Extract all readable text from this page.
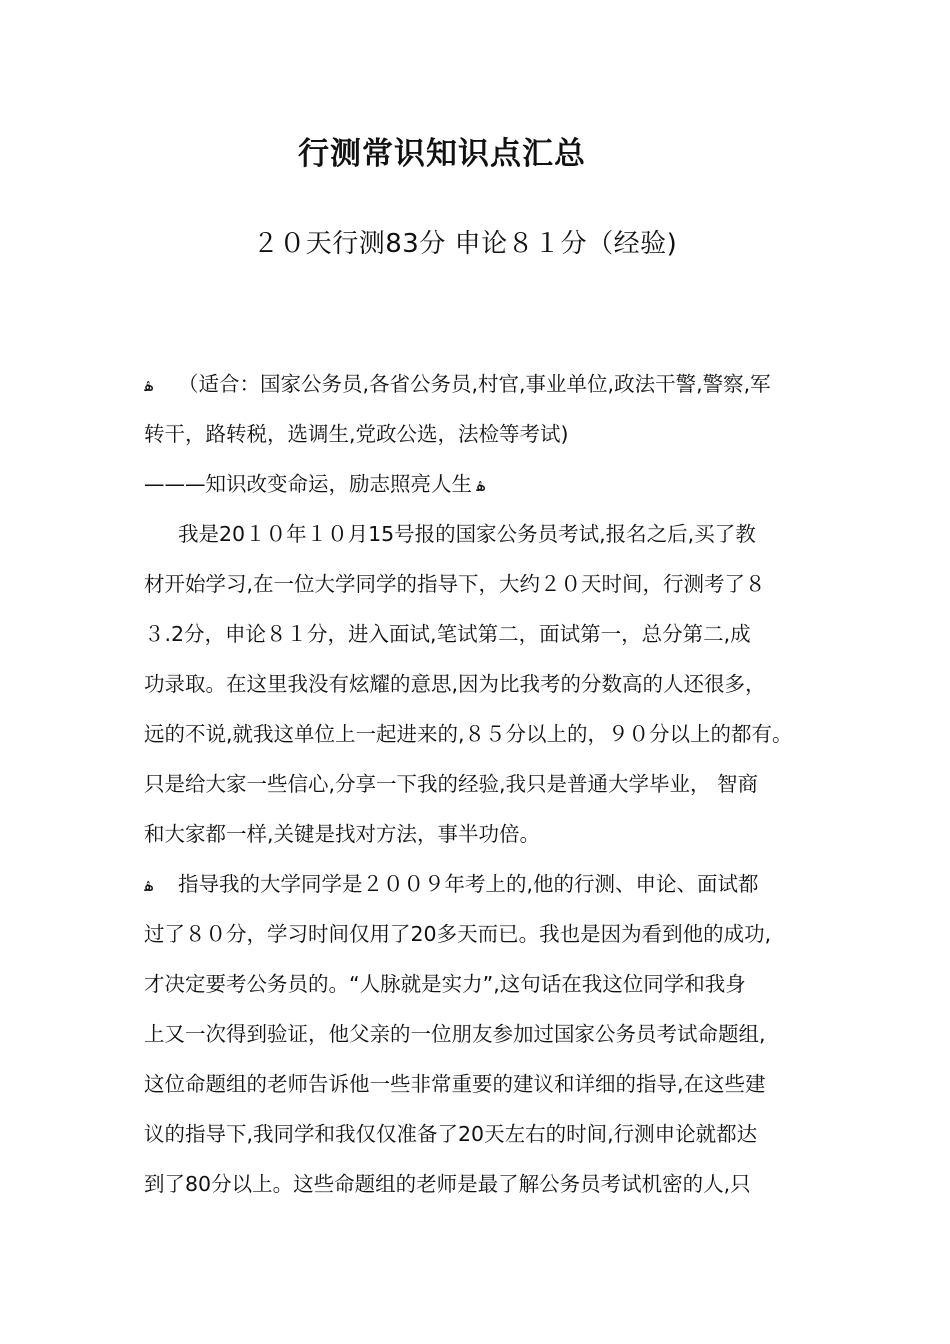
行测常识知识点汇总
２０天行测83分 申论８１分（经验)
ۿ （适合：国家公务员,各省公务员,村官,事业单位,政法干警,警察,军
转干，路转税，选调生,党政公选，法检等考试)
———知识改变命运，励志照亮人生 ۿ
我是20１０年１０月15号报的国家公务员考试,报名之后,买了教
材开始学习,在一位大学同学的指导下，大约２０天时间，行测考了８
３.2分，申论８１分，进入面试,笔试第二，面试第一，总分第二,成
功录取。在这里我没有炫耀的意思,因为比我考的分数高的人还很多，
远的不说,就我这单位上一起进来的,８５分以上的，９０分以上的都有。
只是给大家一些信心,分享一下我的经验,我只是普通大学毕业， 智商
和大家都一样,关键是找对方法，事半功倍。
ۿ 指导我的大学同学是２００９年考上的,他的行测、申论、面试都
过了８０分，学习时间仅用了20多天而已。我也是因为看到他的成功,
才决定要考公务员的。“人脉就是实力”,这句话在我这位同学和我身
上又一次得到验证，他父亲的一位朋友参加过国家公务员考试命题组,
这位命题组的老师告诉他一些非常重要的建议和详细的指导,在这些建
议的指导下,我同学和我仅仅准备了20天左右的时间,行测申论就都达
到了80分以上。这些命题组的老师是最了解公务员考试机密的人,只
